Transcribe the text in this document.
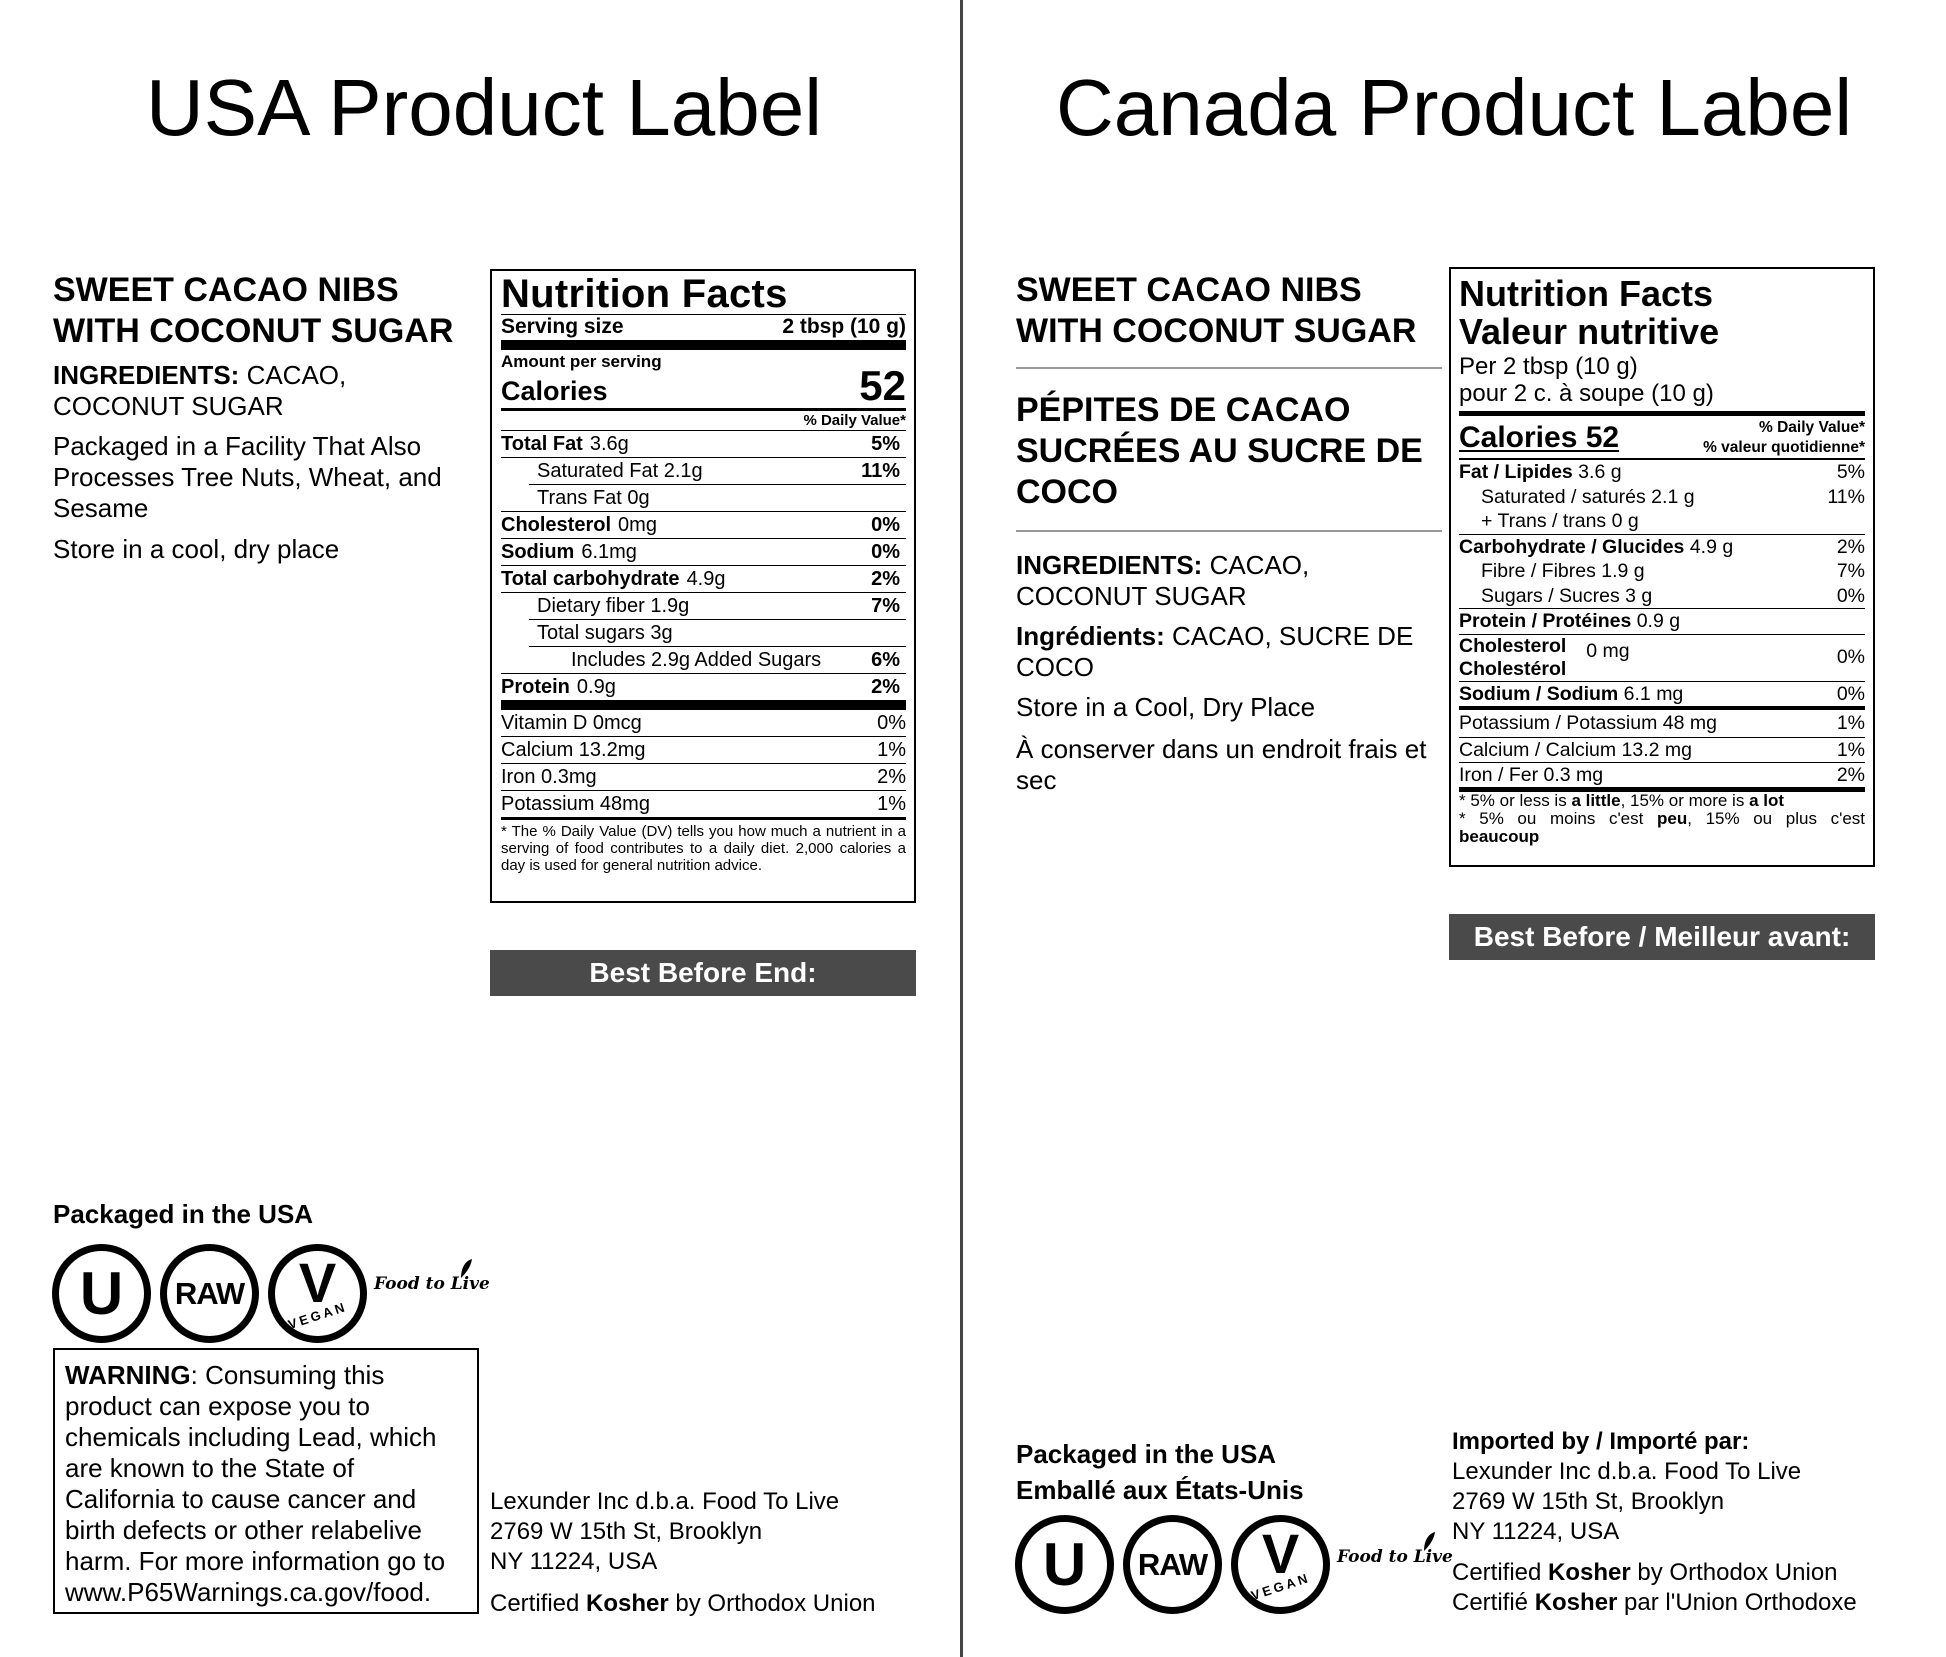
USA Product Label	Canada Product Label
SWEET CACAO NIBS
WITH COCONUT SUGAR
INGREDIENTS: CACAO,
COCONUT SUGAR
Packaged in a Facility That Also
Processes Tree Nuts, Wheat, and
Sesame
Store in a cool, dry place
Nutrition Facts
Serving size	2 tbsp (10 g)
Amount per serving
Calories	52
% Daily Value*
Total Fat 3.6g	5%
Saturated Fat 2.1g	11%
Trans Fat 0g
Cholesterol 0mg	0%
Sodium 6.1mg	0%
Total carbohydrate 4.9g	2%
Dietary fiber 1.9g	7%
Total sugars 3g
Includes 2.9g Added Sugars 6%
Protein 0.9g	2%
Vitamin D 0mcg	0%
Calcium 13.2mg	1%
Iron 0.3mg	2%
Potassium 48mg	1%
* The % Daily Value (DV) tells you how much a nutrient in a serving of food contributes to a daily diet. 2,000 calories a day is used for general nutrition advice.
Best Before End:
Packaged in the USA
U RAW V
VEGAN
Food to Live
WARNING: Consuming this product can expose you to chemicals including Lead, which are known to the State of California to cause cancer and birth defects or other relabelive harm. For more information go to www.P65Warnings.ca.gov/food.
Lexunder Inc d.b.a. Food To Live
2769 W 15th St, Brooklyn
NY 11224, USA
Certified Kosher by Orthodox Union
SWEET CACAO NIBS
WITH COCONUT SUGAR
PÉPITES DE CACAO
SUCRÉES AU SUCRE DE
COCO
INGREDIENTS: CACAO,
COCONUT SUGAR
Ingrédients: CACAO, SUCRE DE
COCO
Store in a Cool, Dry Place
À conserver dans un endroit frais et
sec
Nutrition Facts
Valeur nutritive
Per 2 tbsp (10 g)
pour 2 c. à soupe (10 g)
Calories 52	% Daily Value*
% valeur quotidienne*
Fat / Lipides 3.6 g	5%
Saturated / saturés 2.1 g	11%
+ Trans / trans 0 g
Carbohydrate / Glucides 4.9 g	2%
Fibre / Fibres 1.9 g	7%
Sugars / Sucres 3 g	0%
Protein / Protéines 0.9 g
Cholesterol
Cholestérol
0 mg	0%
Sodium / Sodium 6.1 mg	0%
Potassium / Potassium 48 mg	1%
Calcium / Calcium 13.2 mg	1%
Iron / Fer 0.3 mg	2%
* 5% or less is a little, 15% or more is a lot
* 5% ou moins c'est peu, 15% ou plus c'est beaucoup
Best Before / Meilleur avant:
Packaged in the USA
Emballé aux États-Unis
U RAW V
VEGAN
Food to Live
Imported by / Importé par:
Lexunder Inc d.b.a. Food To Live
2769 W 15th St, Brooklyn
NY 11224, USA
Certified Kosher by Orthodox Union
Certifié Kosher par l'Union Orthodoxe
